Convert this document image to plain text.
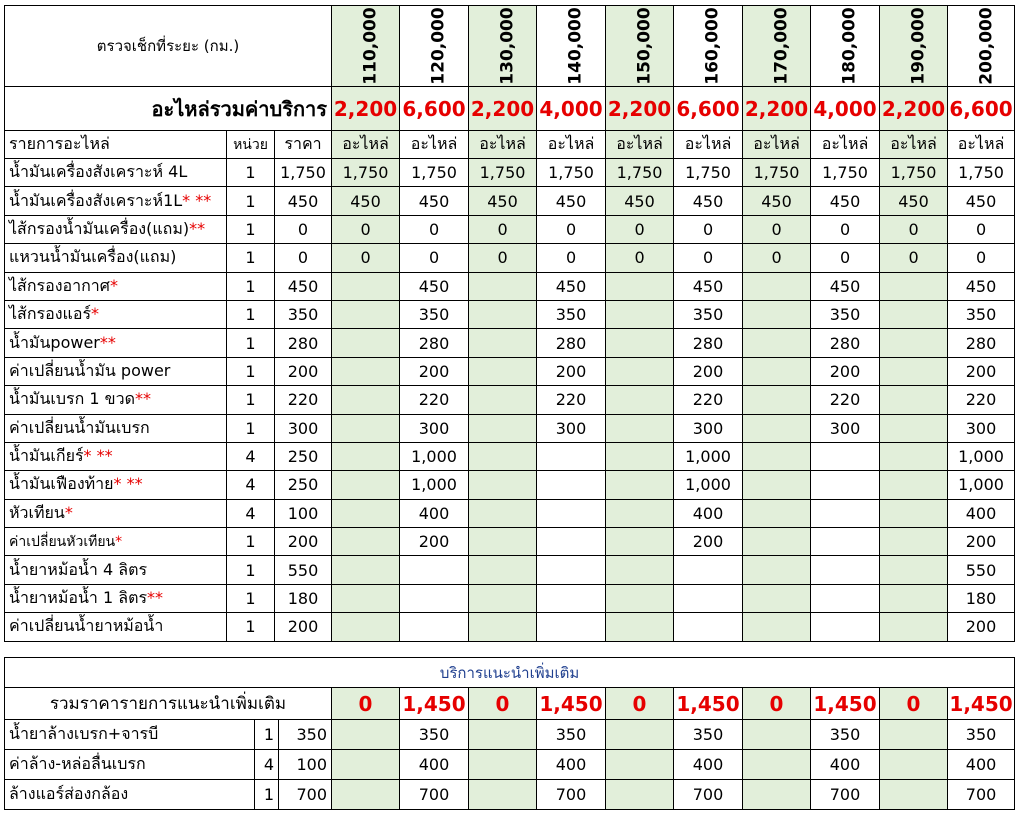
ตรวจเช็กที่ระยะ (กม.)			110,000	120,000	130,000	140,000	150,000	160,000	170,000	180,000	190,000	200,000
อะไหล่รวมค่าบริการ			2,200	6,600	2,200	4,000	2,200	6,600	2,200	4,000	2,200	6,600
รายการอะไหล่	หน่วย	ราคา	อะไหล่	อะไหล่	อะไหล่	อะไหล่	อะไหล่	อะไหล่	อะไหล่	อะไหล่	อะไหล่	อะไหล่
น้ำมันเครื่องสังเคราะห์ 4L	1	1,750	1,750	1,750	1,750	1,750	1,750	1,750	1,750	1,750	1,750	1,750
น้ำมันเครื่องสังเคราะห์1L* **	1	450	450	450	450	450	450	450	450	450	450	450
ไส้กรองน้ำมันเครื่อง(แถม)**	1	0	0	0	0	0	0	0	0	0	0	0
แหวนน้ำมันเครื่อง(แถม)	1	0	0	0	0	0	0	0	0	0	0	0
ไส้กรองอากาศ*	1	450		450		450		450		450		450
ไส้กรองแอร์*	1	350		350		350		350		350		350
น้ำมันpower**	1	280		280		280		280		280		280
ค่าเปลี่ยนน้ำมัน power	1	200		200		200		200		200		200
น้ำมันเบรก 1 ขวด**	1	220		220		220		220		220		220
ค่าเปลี่ยนน้ำมันเบรก	1	300		300		300		300		300		300
น้ำมันเกียร์* **	4	250		1,000				1,000				1,000
น้ำมันเฟืองท้าย* **	4	250		1,000				1,000				1,000
หัวเทียน*	4	100		400				400				400
ค่าเปลี่ยนหัวเทียน*	1	200		200				200				200
น้ำยาหม้อน้ำ 4 ลิตร	1	550										550
น้ำยาหม้อน้ำ 1 ลิตร**	1	180										180
ค่าเปลี่ยนน้ำยาหม้อน้ำ	1	200										200
บริการแนะนำเพิ่มเติม												
รวมราคารายการแนะนำเพิ่มเติม			0	1,450	0	1,450	0	1,450	0	1,450	0	1,450
น้ำยาล้างเบรก+จารบี	1	350		350		350		350		350		350
ค่าล้าง-หล่อลื่นเบรก	4	100		400		400		400		400		400
ล้างแอร์ส่องกล้อง	1	700		700		700		700		700		700
